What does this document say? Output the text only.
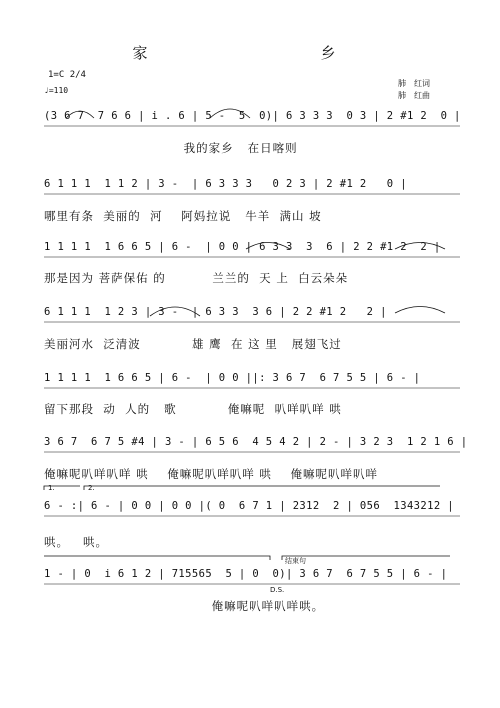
家　　　乡
1=C 2/4
♩=110
肺　红词
肺　红曲
(3 6 7  7 6 6 | i . 6 | 5 -  5  0)| 6 3 3 3  0 3 | 2 #1 2  0 |
我的家乡   在日喀则
6 1 1 1  1 1 2 | 3 -  | 6 3 3 3   0 2 3 | 2 #1 2   0 |
哪里有条  美丽的  河    阿妈拉说   牛羊  满山 坡
1 1 1 1  1 6 6 5 | 6 -  | 0 0 | 6 3 3  3  6 | 2 2 #1 2  2 |
那是因为 菩萨保佑 的          兰兰的  天 上  白云朵朵
6 1 1 1  1 2 3 | 3 -  | 6 3 3  3 6 | 2 2 #1 2   2 |
美丽河水  泛清波           雄 鹰  在 这 里   展翅飞过
1 1 1 1  1 6 6 5 | 6 -  | 0 0 ||: 3 6 7  6 7 5 5 | 6 - |
留下那段  动  人的   歌           俺嘛呢  叭咩叭咩 哄
3 6 7  6 7 5 #4 | 3 - | 6 5 6  4 5 4 2 | 2 - | 3 2 3  1 2 1 6 |
俺嘛呢叭咩叭咩 哄    俺嘛呢叭咩叭咩 哄    俺嘛呢叭咩叭咩
1.	2.
6 - :| 6 - | 0 0 | 0 0 |( 0  6 7 1 | 2312  2 | 056  1343212 |
哄。   哄。
结束句
1 - | 0  i 6 1 2 | 715565  5 | 0  0)| 3 6 7  6 7 5 5 | 6 - |
D.S.
俺嘛呢叭咩叭咩哄。
